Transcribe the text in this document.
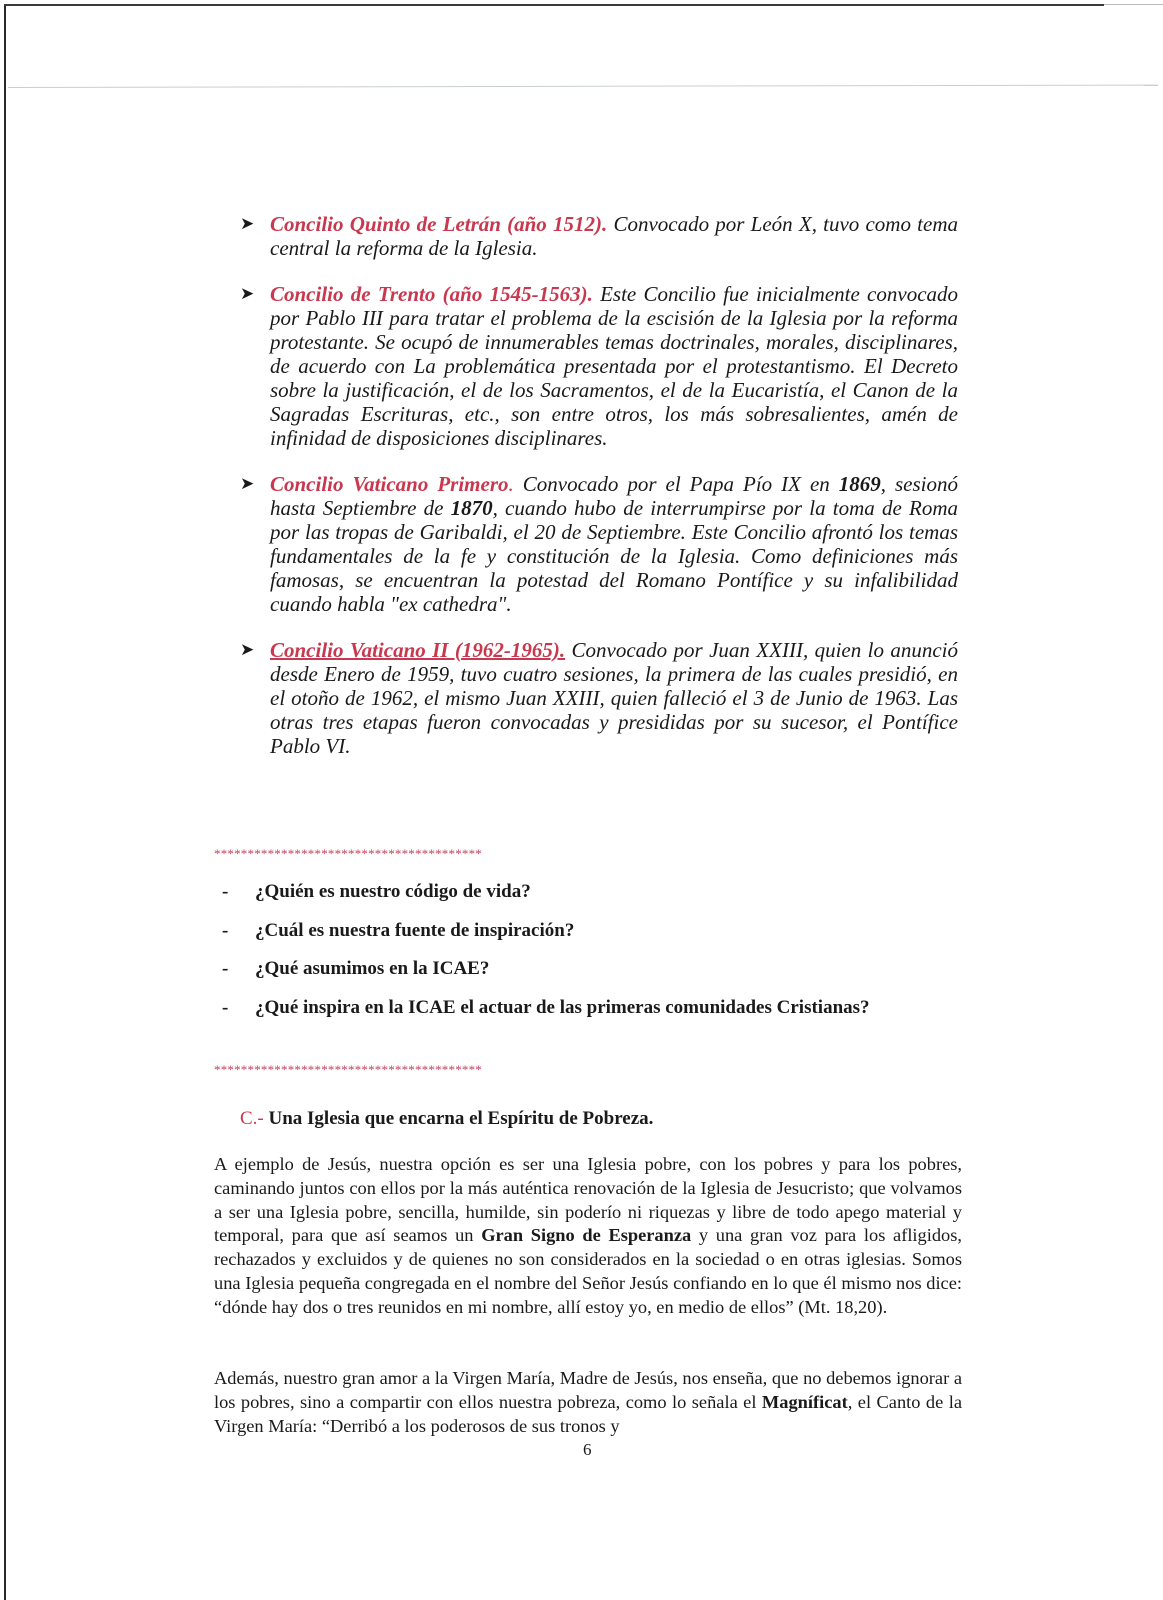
➤ Concilio Quinto de Letrán (año 1512). Convocado por León X, tuvo como tema central la reforma de la Iglesia.
➤ Concilio de Trento (año 1545-1563). Este Concilio fue inicialmente convocado por Pablo III para tratar el problema de la escisión de la Iglesia por la reforma protestante. Se ocupó de innumerables temas doctrinales, morales, disciplinares, de acuerdo con La problemática presentada por el protestantismo. El Decreto sobre la justificación, el de los Sacramentos, el de la Eucaristía, el Canon de la Sagradas Escrituras, etc., son entre otros, los más sobresalientes, amén de infinidad de disposiciones disciplinares.
➤ Concilio Vaticano Primero. Convocado por el Papa Pío IX en 1869, sesionó hasta Septiembre de 1870, cuando hubo de interrumpirse por la toma de Roma por las tropas de Garibaldi, el 20 de Septiembre. Este Concilio afrontó los temas fundamentales de la fe y constitución de la Iglesia. Como definiciones más famosas, se encuentran la potestad del Romano Pontífice y su infalibilidad cuando habla "ex cathedra".
➤ Concilio Vaticano II (1962-1965). Convocado por Juan XXIII, quien lo anunció desde Enero de 1959, tuvo cuatro sesiones, la primera de las cuales presidió, en el otoño de 1962, el mismo Juan XXIII, quien falleció el 3 de Junio de 1963. Las otras tres etapas fueron convocadas y presididas por su sucesor, el Pontífice Pablo VI.
****************************************
- ¿Quién es nuestro código de vida?
- ¿Cuál es nuestra fuente de inspiración?
- ¿Qué asumimos en la ICAE?
- ¿Qué inspira en la ICAE el actuar de las primeras comunidades Cristianas?
****************************************
C.- Una Iglesia que encarna el Espíritu de Pobreza.
A ejemplo de Jesús, nuestra opción es ser una Iglesia pobre, con los pobres y para los pobres, caminando juntos con ellos por la más auténtica renovación de la Iglesia de Jesucristo; que volvamos a ser una Iglesia pobre, sencilla, humilde, sin poderío ni riquezas y libre de todo apego material y temporal, para que así seamos un Gran Signo de Esperanza y una gran voz para los afligidos, rechazados y excluidos y de quienes no son considerados en la sociedad o en otras iglesias. Somos una Iglesia pequeña congregada en el nombre del Señor Jesús confiando en lo que él mismo nos dice: “dónde hay dos o tres reunidos en mi nombre, allí estoy yo, en medio de ellos” (Mt. 18,20).
Además, nuestro gran amor a la Virgen María, Madre de Jesús, nos enseña, que no debemos ignorar a los pobres, sino a compartir con ellos nuestra pobreza, como lo señala el Magníficat, el Canto de la Virgen María: “Derribó a los poderosos de sus tronos y
6
